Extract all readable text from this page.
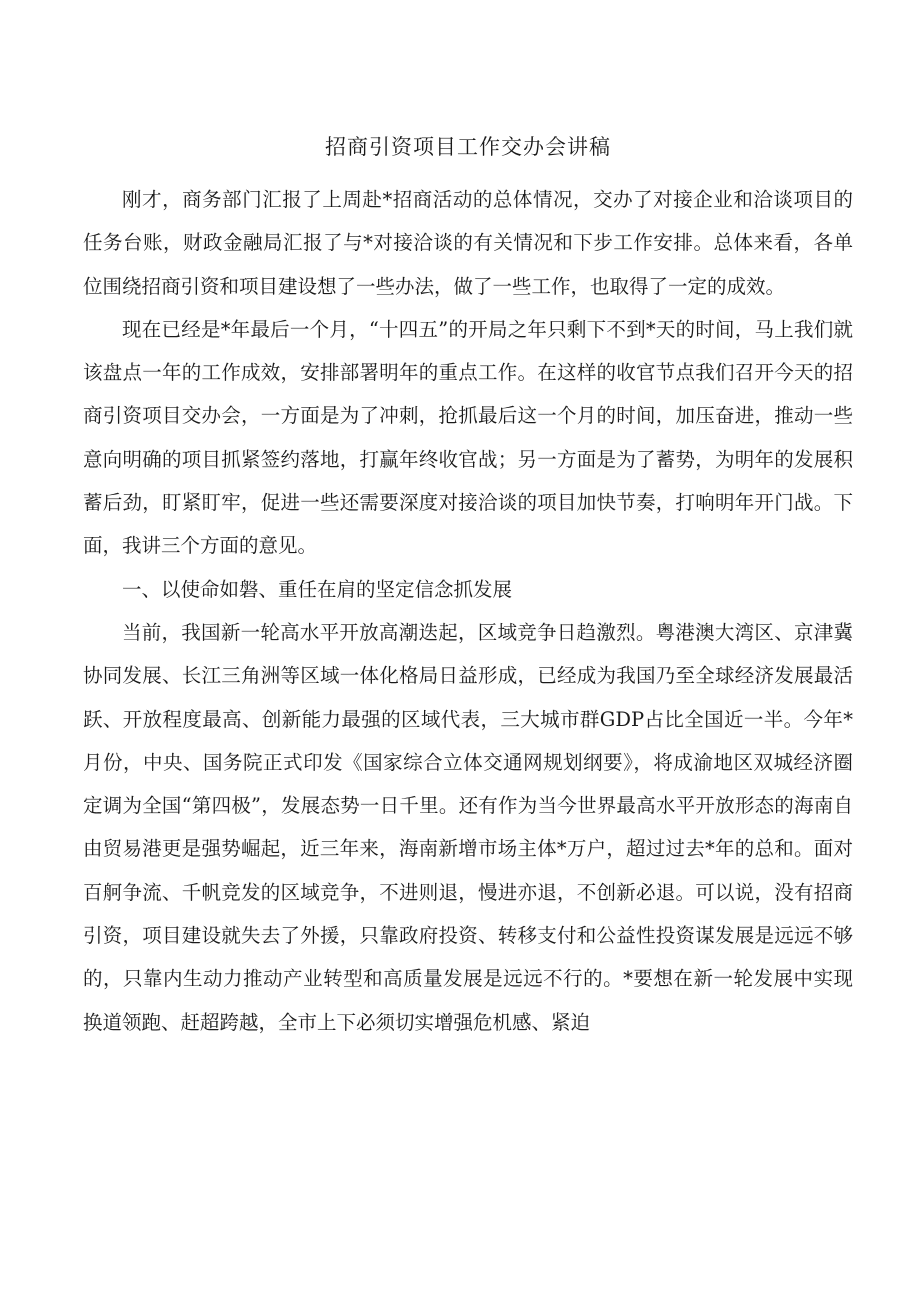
招商引资项目工作交办会讲稿

刚才，商务部门汇报了上周赴*招商活动的总体情况，交办了对接企业和洽谈项目的任务台账，财政金融局汇报了与*对接洽谈的有关情况和下步工作安排。总体来看，各单位围绕招商引资和项目建设想了一些办法，做了一些工作，也取得了一定的成效。

现在已经是*年最后一个月，“十四五”的开局之年只剩下不到*天的时间，马上我们就该盘点一年的工作成效，安排部署明年的重点工作。在这样的收官节点我们召开今天的招商引资项目交办会，一方面是为了冲刺，抢抓最后这一个月的时间，加压奋进，推动一些意向明确的项目抓紧签约落地，打赢年终收官战；另一方面是为了蓄势，为明年的发展积蓄后劲，盯紧盯牢，促进一些还需要深度对接洽谈的项目加快节奏，打响明年开门战。下面，我讲三个方面的意见。

一、以使命如磐、重任在肩的坚定信念抓发展

当前，我国新一轮高水平开放高潮迭起，区域竞争日趋激烈。粤港澳大湾区、京津冀协同发展、长江三角洲等区域一体化格局日益形成，已经成为我国乃至全球经济发展最活跃、开放程度最高、创新能力最强的区域代表，三大城市群GDP占比全国近一半。今年*月份，中央、国务院正式印发《国家综合立体交通网规划纲要》，将成渝地区双城经济圈定调为全国“第四极”，发展态势一日千里。还有作为当今世界最高水平开放形态的海南自由贸易港更是强势崛起，近三年来，海南新增市场主体*万户，超过过去*年的总和。面对百舸争流、千帆竞发的区域竞争，不进则退，慢进亦退，不创新必退。可以说，没有招商引资，项目建设就失去了外援，只靠政府投资、转移支付和公益性投资谋发展是远远不够的，只靠内生动力推动产业转型和高质量发展是远远不行的。*要想在新一轮发展中实现换道领跑、赶超跨越，全市上下必须切实增强危机感、紧迫
